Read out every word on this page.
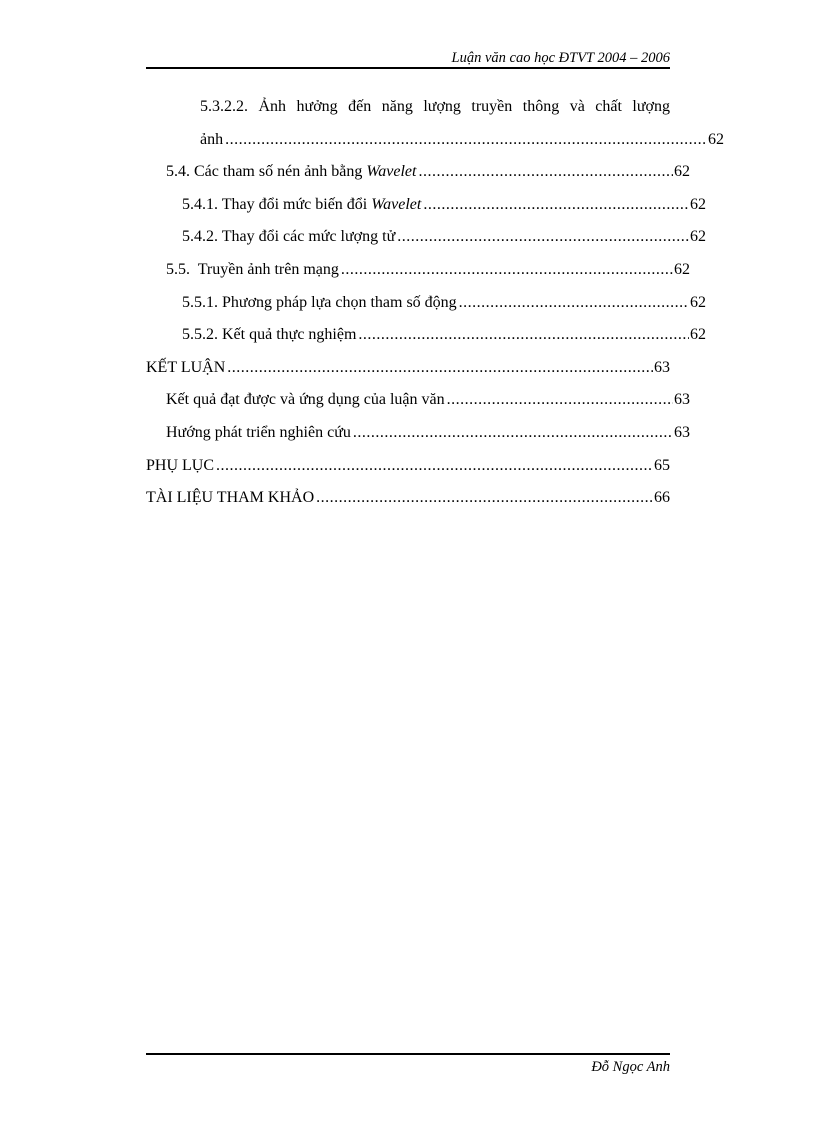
Luận văn cao học ĐTVT 2004 – 2006
5.3.2.2. Ảnh hưởng đến năng lượng truyền thông và chất lượng
ảnh .....	62
5.4. Các tham số nén ảnh bằng Wavelet .....	62
5.4.1. Thay đổi mức biến đổi Wavelet .....	62
5.4.2. Thay đổi các mức lượng tử .....	62
5.5.  Truyền ảnh trên mạng .....	62
5.5.1. Phương pháp lựa chọn tham số động .....	62
5.5.2. Kết quả thực nghiệm .....	62
KẾT LUẬN .....	63
Kết quả đạt được và ứng dụng của luận văn .....	63
Hướng phát triển nghiên cứu .....	63
PHỤ LỤC .....	65
TÀI LIỆU THAM KHẢO .....	66
Đỗ Ngọc Anh
